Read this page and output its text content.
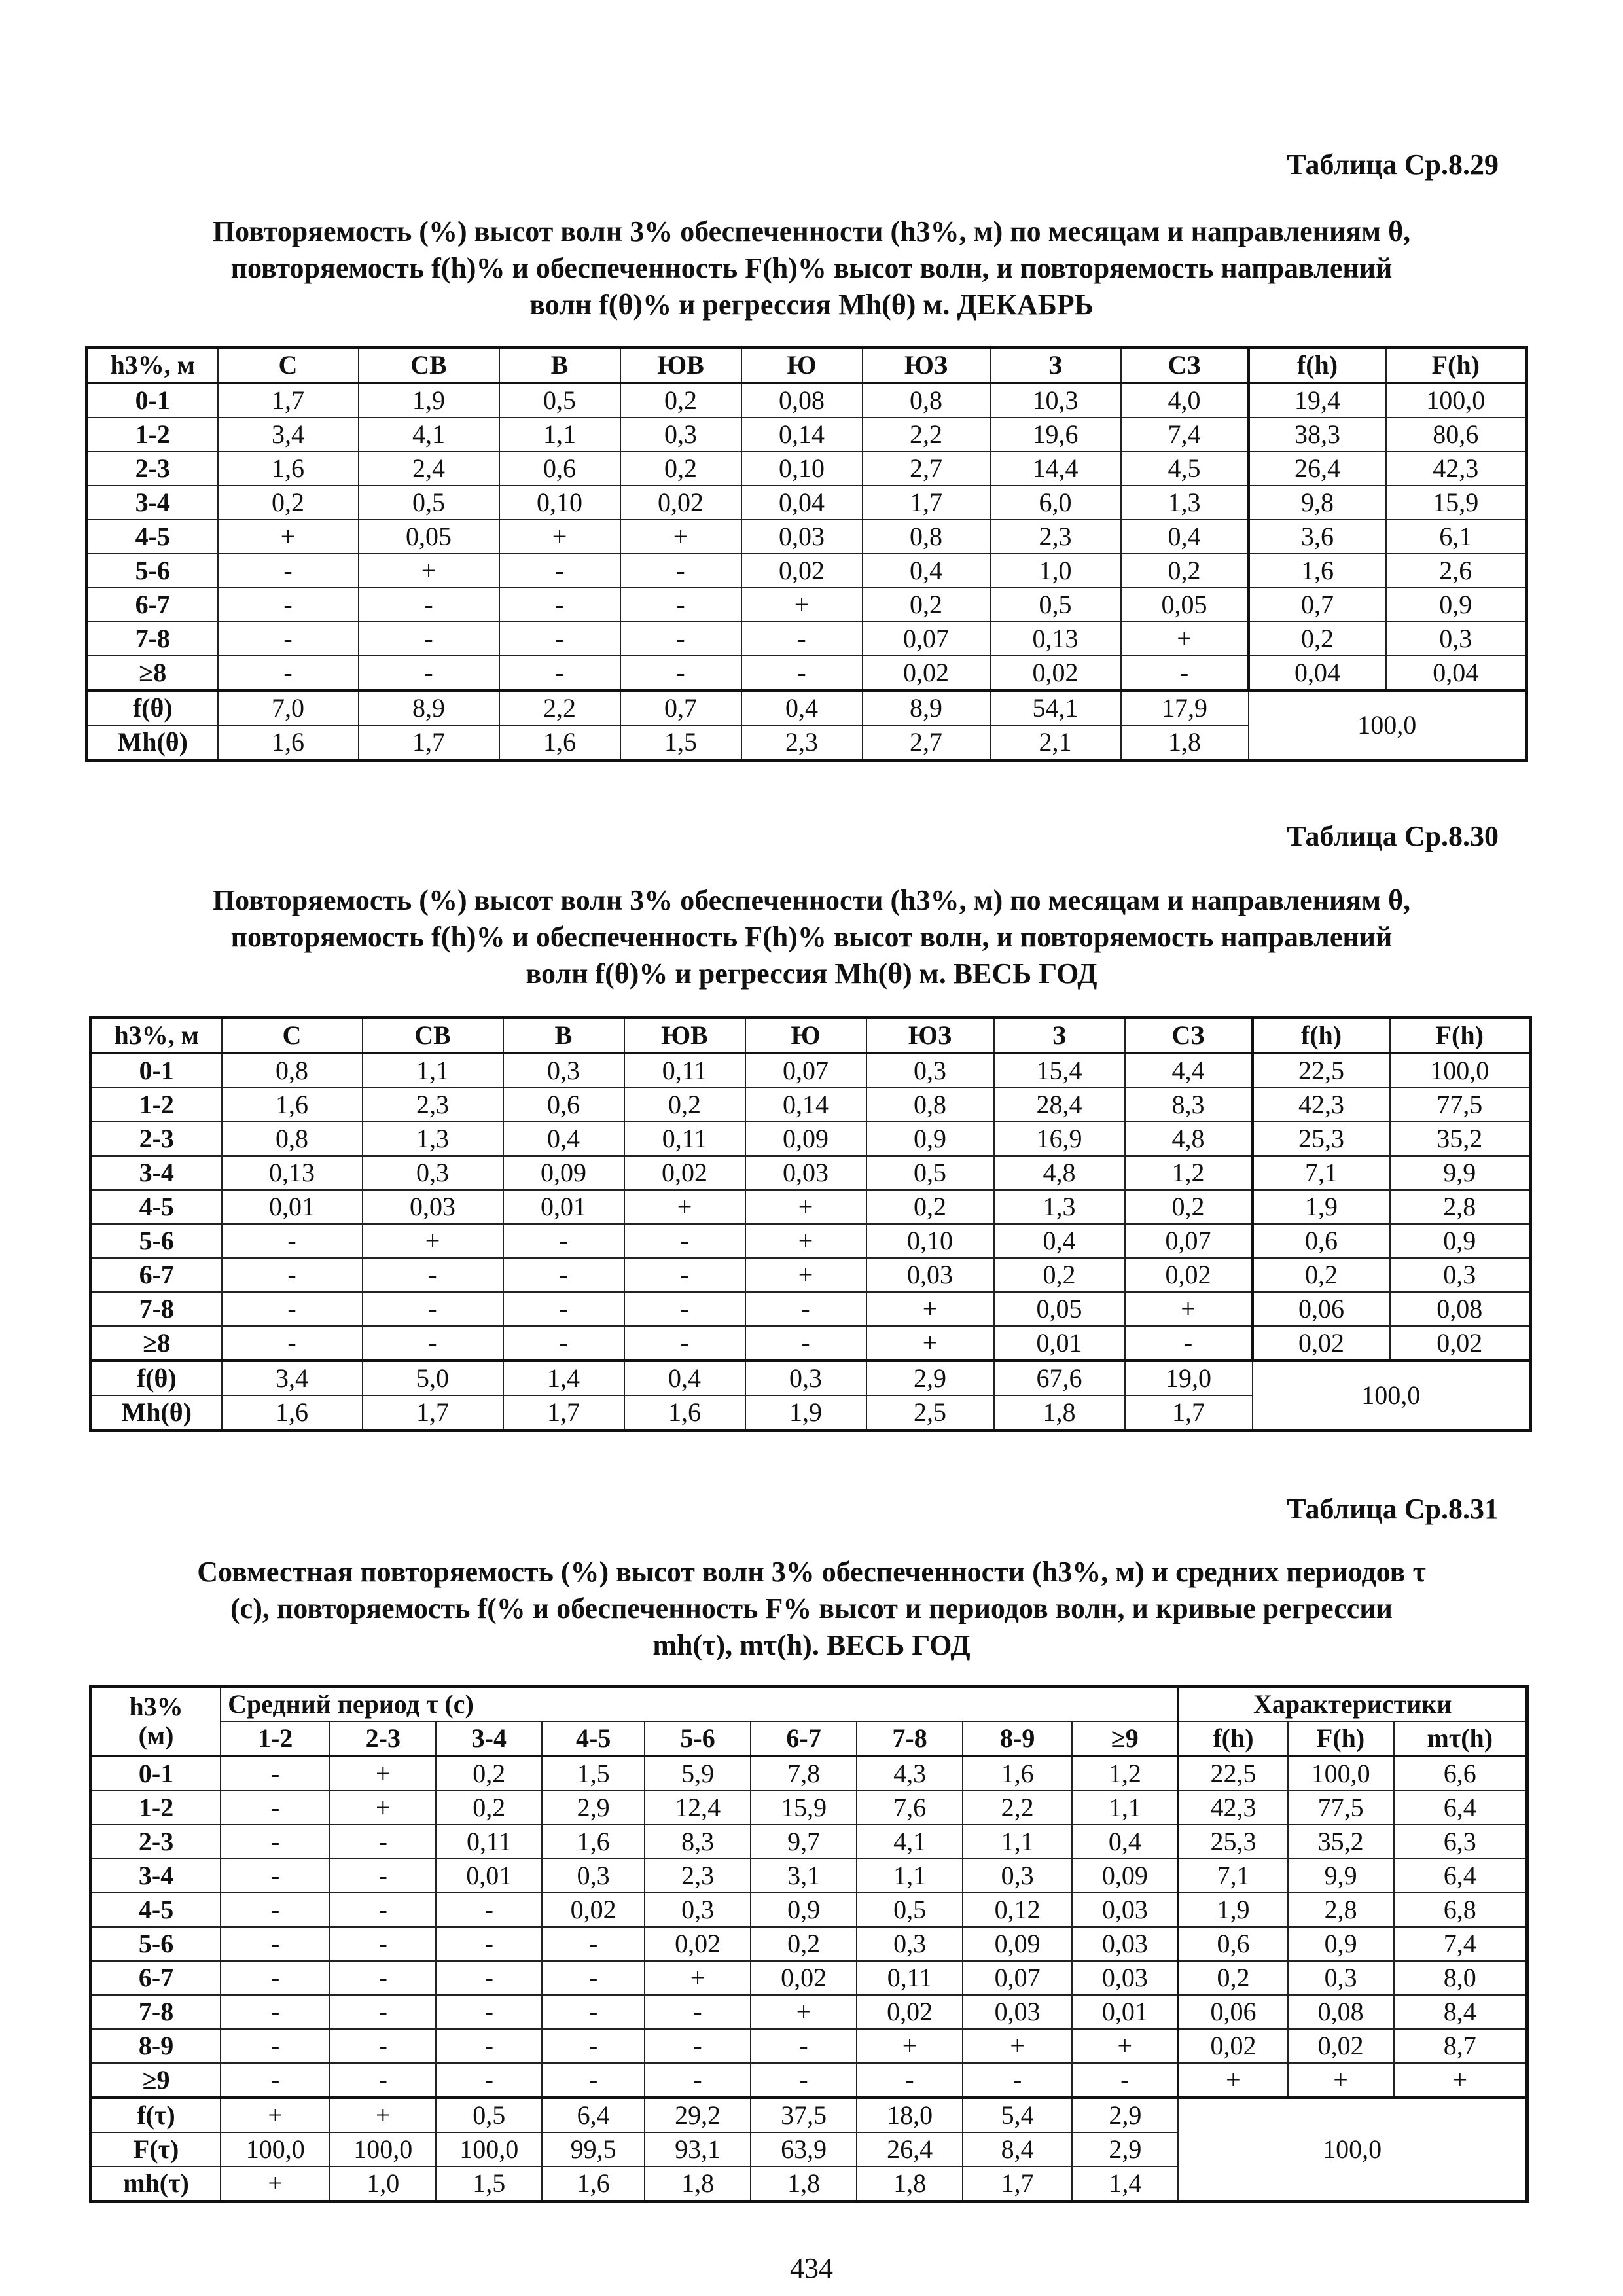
Таблица Ср.8.29
Повторяемость (%) высот волн 3% обеспеченности (h3%, м) по месяцам и направлениям θ,
повторяемость f(h)% и обеспеченность F(h)% высот волн, и повторяемость направлений
волн f(θ)% и регрессия Mh(θ) м. ДЕКАБРЬ
h3%, м	С	СВ	В	ЮВ	Ю	ЮЗ	З	СЗ	f(h)	F(h)
0-1	1,7	1,9	0,5	0,2	0,08	0,8	10,3	4,0	19,4	100,0
1-2	3,4	4,1	1,1	0,3	0,14	2,2	19,6	7,4	38,3	80,6
2-3	1,6	2,4	0,6	0,2	0,10	2,7	14,4	4,5	26,4	42,3
3-4	0,2	0,5	0,10	0,02	0,04	1,7	6,0	1,3	9,8	15,9
4-5	+	0,05	+	+	0,03	0,8	2,3	0,4	3,6	6,1
5-6	-	+	-	-	0,02	0,4	1,0	0,2	1,6	2,6
6-7	-	-	-	-	+	0,2	0,5	0,05	0,7	0,9
7-8	-	-	-	-	-	0,07	0,13	+	0,2	0,3
≥8	-	-	-	-	-	0,02	0,02	-	0,04	0,04
f(θ)	7,0	8,9	2,2	0,7	0,4	8,9	54,1	17,9	100,0	
Mh(θ)	1,6	1,7	1,6	1,5	2,3	2,7	2,1	1,8		
Таблица Ср.8.30
Повторяемость (%) высот волн 3% обеспеченности (h3%, м) по месяцам и направлениям θ,
повторяемость f(h)% и обеспеченность F(h)% высот волн, и повторяемость направлений
волн f(θ)% и регрессия Mh(θ) м. ВЕСЬ ГОД
h3%, м	С	СВ	В	ЮВ	Ю	ЮЗ	З	СЗ	f(h)	F(h)
0-1	0,8	1,1	0,3	0,11	0,07	0,3	15,4	4,4	22,5	100,0
1-2	1,6	2,3	0,6	0,2	0,14	0,8	28,4	8,3	42,3	77,5
2-3	0,8	1,3	0,4	0,11	0,09	0,9	16,9	4,8	25,3	35,2
3-4	0,13	0,3	0,09	0,02	0,03	0,5	4,8	1,2	7,1	9,9
4-5	0,01	0,03	0,01	+	+	0,2	1,3	0,2	1,9	2,8
5-6	-	+	-	-	+	0,10	0,4	0,07	0,6	0,9
6-7	-	-	-	-	+	0,03	0,2	0,02	0,2	0,3
7-8	-	-	-	-	-	+	0,05	+	0,06	0,08
≥8	-	-	-	-	-	+	0,01	-	0,02	0,02
f(θ)	3,4	5,0	1,4	0,4	0,3	2,9	67,6	19,0	100,0	
Mh(θ)	1,6	1,7	1,7	1,6	1,9	2,5	1,8	1,7		
Таблица Ср.8.31
Совместная повторяемость (%) высот волн 3% обеспеченности (h3%, м) и средних периодов τ
(с), повторяемость f(% и обеспеченность F% высот и периодов волн, и кривые регрессии
mh(τ), mτ(h). ВЕСЬ ГОД
h3%
(м)	Средний период τ (с)									Характеристики		
	1-2	2-3	3-4	4-5	5-6	6-7	7-8	8-9	≥9	f(h)	F(h)	mτ(h)
0-1	-	+	0,2	1,5	5,9	7,8	4,3	1,6	1,2	22,5	100,0	6,6
1-2	-	+	0,2	2,9	12,4	15,9	7,6	2,2	1,1	42,3	77,5	6,4
2-3	-	-	0,11	1,6	8,3	9,7	4,1	1,1	0,4	25,3	35,2	6,3
3-4	-	-	0,01	0,3	2,3	3,1	1,1	0,3	0,09	7,1	9,9	6,4
4-5	-	-	-	0,02	0,3	0,9	0,5	0,12	0,03	1,9	2,8	6,8
5-6	-	-	-	-	0,02	0,2	0,3	0,09	0,03	0,6	0,9	7,4
6-7	-	-	-	-	+	0,02	0,11	0,07	0,03	0,2	0,3	8,0
7-8	-	-	-	-	-	+	0,02	0,03	0,01	0,06	0,08	8,4
8-9	-	-	-	-	-	-	+	+	+	0,02	0,02	8,7
≥9	-	-	-	-	-	-	-	-	-	+	+	+
f(τ)	+	+	0,5	6,4	29,2	37,5	18,0	5,4	2,9	100,0		
F(τ)	100,0	100,0	100,0	99,5	93,1	63,9	26,4	8,4	2,9			
mh(τ)	+	1,0	1,5	1,6	1,8	1,8	1,8	1,7	1,4			
434
